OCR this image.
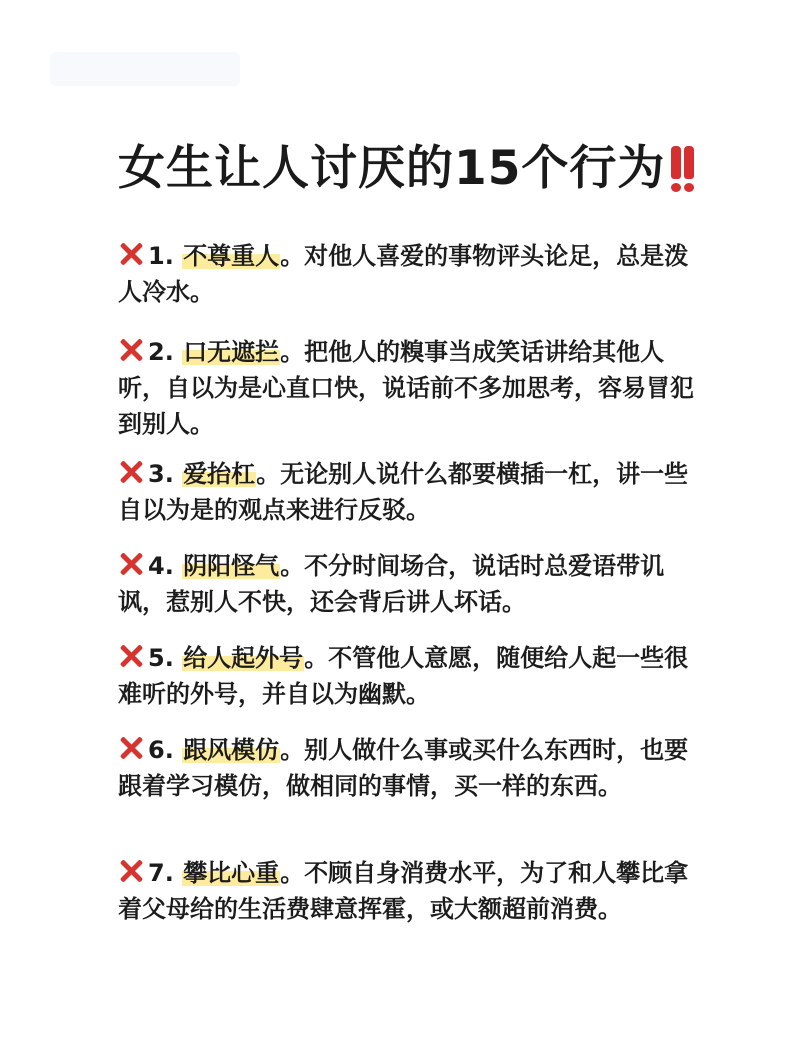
女生让人讨厌的15个行为
1. 不尊重人。对他人喜爱的事物评头论足，总是泼人冷水。
2. 口无遮拦。把他人的糗事当成笑话讲给其他人听，自以为是心直口快，说话前不多加思考，容易冒犯到别人。
3. 爱抬杠。无论别人说什么都要横插一杠，讲一些自以为是的观点来进行反驳。
4. 阴阳怪气。不分时间场合，说话时总爱语带讥讽，惹别人不快，还会背后讲人坏话。
5. 给人起外号。不管他人意愿，随便给人起一些很难听的外号，并自以为幽默。
6. 跟风模仿。别人做什么事或买什么东西时，也要跟着学习模仿，做相同的事情，买一样的东西。
7. 攀比心重。不顾自身消费水平，为了和人攀比拿着父母给的生活费肆意挥霍，或大额超前消费。
